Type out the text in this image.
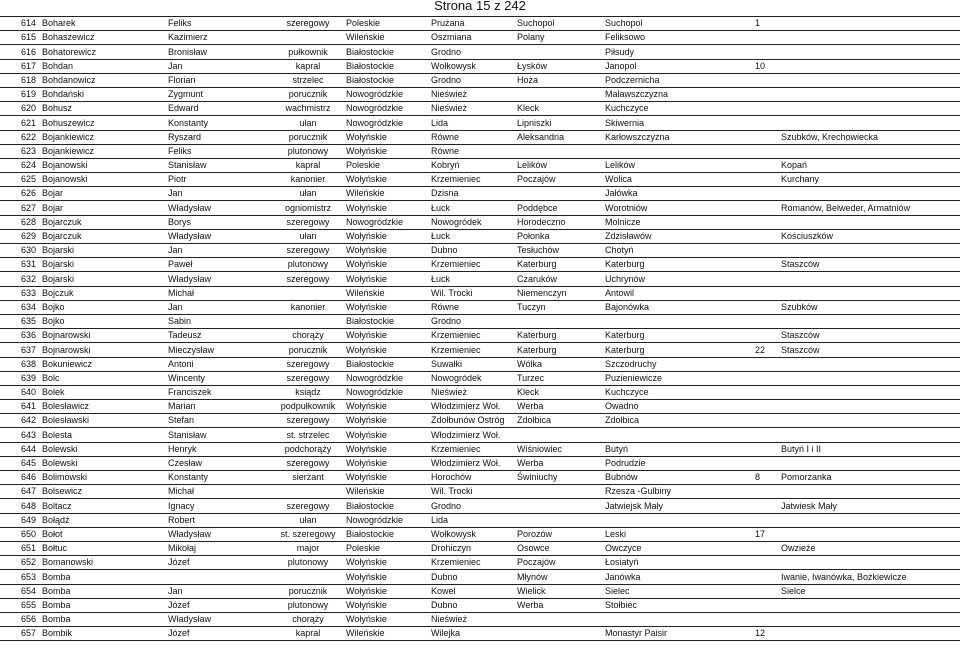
Strona 15 z 242
614	Boharek	Feliks	szeregowy	Poleskie	Prużana	Suchopol	Suchopol	1	
615	Bohaszewicz	Kazimierz		Wileńskie	Oszmiana	Polany	Feliksowo		
616	Bohatorewicz	Bronisław	pułkownik	Białostockie	Grodno		Piłsudy		
617	Bohdan	Jan	kapral	Białostockie	Wołkowysk	Łysków	Janopol	10	
618	Bohdanowicz	Florian	strzelec	Białostockie	Grodno	Hoża	Podczernicha		
619	Bohdański	Zygmunt	porucznik	Nowogródzkie	Nieśwież		Malawszczyzna		
620	Bohusz	Edward	wachmistrz	Nowogródzkie	Nieśwież	Kleck	Kuchczyce		
621	Bohuszewicz	Konstanty	ułan	Nowogródzkie	Lida	Lipniszki	Skiwernia		
622	Bojankiewicz	Ryszard	porucznik	Wołyńskie	Równe	Aleksandria	Karłowszczyzna		Szubków, Krechowiecka
623	Bojankiewicz	Feliks	plutonowy	Wołyńskie	Równe				
624	Bojanowski	Stanisław	kapral	Poleskie	Kobryń	Lelików	Lelików		Kopań
625	Bojanowski	Piotr	kanonier	Wołyńskie	Krzemieniec	Poczajów	Wolica		Kurchany
626	Bojar	Jan	ułan	Wileńskie	Dzisna		Jałówka		
627	Bojar	Władysław	ogniomistrz	Wołyńskie	Łuck	Poddębce	Worotniów		Romanów, Belweder, Armatniów
628	Bojarczuk	Borys	szeregowy	Nowogródzkie	Nowogródek	Horodeczno	Molnicze		
629	Bojarczuk	Władysław	ułan	Wołyńskie	Łuck	Połonka	Zdzisławów		Kościuszków
630	Bojarski	Jan	szeregowy	Wołyńskie	Dubno	Tesłuchów	Chotyń		
631	Bojarski	Paweł	plutonowy	Wołyńskie	Krzemieniec	Katerburg	Katerburg		Staszców
632	Bojarski	Władysław	szeregowy	Wołyńskie	Łuck	Czaruków	Uchrynów		
633	Bojczuk	Michał		Wileńskie	Wil. Trocki	Niemenczyn	Antowil		
634	Bojko	Jan	kanonier	Wołyńskie	Równe	Tuczyn	Bajonówka		Szubków
635	Bojko	Sabin		Białostockie	Grodno				
636	Bojnarowski	Tadeusz	chorąży	Wołyńskie	Krzemieniec	Katerburg	Katerburg		Staszców
637	Bojnarowski	Mieczysław	porucznik	Wołyńskie	Krzemieniec	Katerburg	Katerburg	22	Staszców
638	Bokuniewicz	Antoni	szeregowy	Białostockie	Suwałki	Wólka	Szczodruchy		
639	Bolc	Wincenty	szeregowy	Nowogródzkie	Nowogródek	Turzec	Puzieniewicze		
640	Bolek	Franciszek	ksiądz	Nowogródzkie	Nieśwież	Kleck	Kuchczyce		
641	Bolesławicz	Marian	podpułkownik	Wołyńskie	Włodzimierz Woł.	Werba	Owadno		
642	Bolesławski	Stefan	szeregowy	Wołyńskie	Zdołbunów Ostróg	Zdołbica	Zdołbica		
643	Bolesta	Stanisław	st. strzelec	Wołyńskie	Włodzimierz Woł.				
644	Bolewski	Henryk	podchorąży	Wołyńskie	Krzemieniec	Wiśniowiec	Butyń		Butyń I i II
645	Bolewski	Czesław	szeregowy	Wołyńskie	Włodzimierz Woł.	Werba	Podrudzie		
646	Bolimowski	Konstanty	sierżant	Wołyńskie	Horochów	Świniuchy	Bubnów	8	Pomorzanka
647	Bolsewicz	Michał		Wileńskie	Wil. Trocki		Rzesza -Gulbiny		
648	Boltacz	Ignacy	szeregowy	Białostockie	Grodno		Jatwiejsk Mały		Jatwiesk Mały
649	Bołądź	Robert	ułan	Nowogródzkie	Lida				
650	Bołot	Władysław	st. szeregowy	Białostockie	Wołkowysk	Porozów	Leski	17	
651	Bołtuc	Mikołaj	major	Poleskie	Drohiczyn	Osowce	Owczyce		Owzieże
652	Bomanowski	Józef	plutonowy	Wołyńskie	Krzemieniec	Poczajów	Łosiatyń		
653	Bomba			Wołyńskie	Dubno	Młynów	Janówka		Iwanie, Iwanówka, Bożkiewicze
654	Bomba	Jan	porucznik	Wołyńskie	Kowel	Wielick	Sielec		Sielce
655	Bomba	Józef	plutonowy	Wołyńskie	Dubno	Werba	Stołbiec		
656	Bomba	Władysław	chorąży	Wołyńskie	Nieśwież				
657	Bombik	Józef	kapral	Wileńskie	Wilejka		Monastyr Paisir	12	
